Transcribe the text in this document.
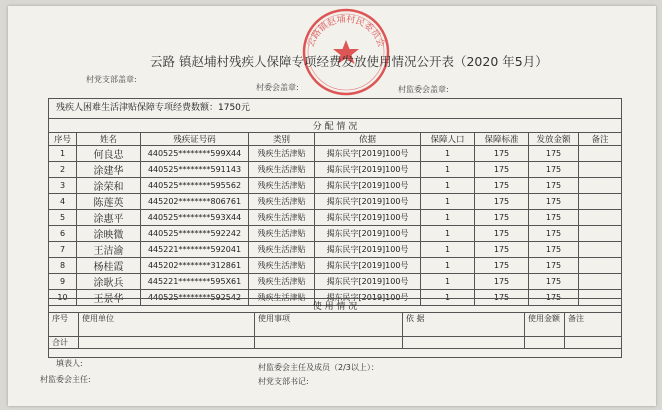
云路镇赵埔村民委员会
云路 镇赵埔村残疾人保障专项经费发放使用情况公开表（2020 年5月）
村党支部盖章:
村委会盖章:	村监委会盖章:
残疾人困难生活津贴保障专项经费数额：1750元
分 配 情 况								
序号	姓名	残疾证号码	类别	依据	保障人口	保障标准	发放金额	备注
1	何良忠	440525********599X44	残疾生活津贴	揭东民字[2019]100号	1	175	175	
2	涂建华	440525********591143	残疾生活津贴	揭东民字[2019]100号	1	175	175	
3	涂荣和	440525********595562	残疾生活津贴	揭东民字[2019]100号	1	175	175	
4	陈莲英	445202********806761	残疾生活津贴	揭东民字[2019]100号	1	175	175	
5	涂惠平	440525********593X44	残疾生活津贴	揭东民字[2019]100号	1	175	175	
6	涂映微	440525********592242	残疾生活津贴	揭东民字[2019]100号	1	175	175	
7	王洁渝	445221********592041	残疾生活津贴	揭东民字[2019]100号	1	175	175	
8	杨桂霞	445202********312861	残疾生活津贴	揭东民字[2019]100号	1	175	175	
9	涂耿兵	445221********595X61	残疾生活津贴	揭东民字[2019]100号	1	175	175	
10	王景华	440525********592542	残疾生活津贴	揭东民字[2019]100号	1	175	175	
使 用 情 况					
序号	使用单位	使用事项	依 据	使用金额	备注
合计					
填表人:
村监委会主任:
村监委会主任及成员（2/3以上）：
村党支部书记:
